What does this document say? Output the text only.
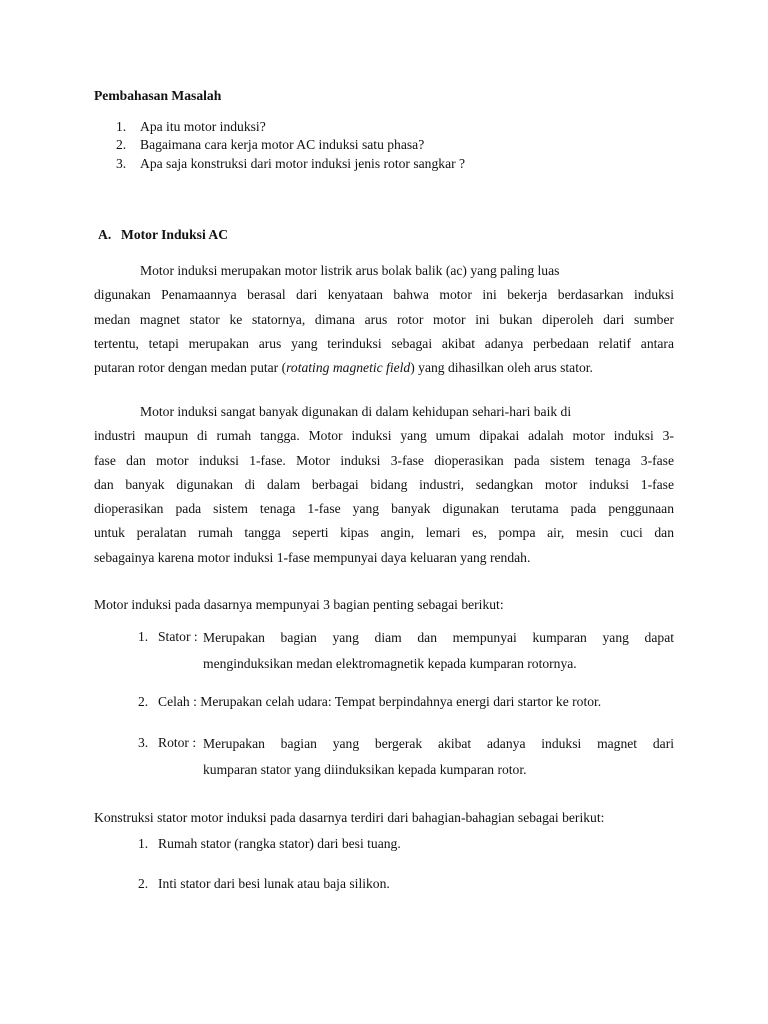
Pembahasan Masalah

1. Apa itu motor induksi?
2. Bagaimana cara kerja motor AC induksi satu phasa?
3. Apa saja konstruksi dari motor induksi jenis rotor sangkar ?
A. Motor Induksi AC
Motor induksi merupakan motor listrik arus bolak balik (ac) yang paling luas
digunakan Penamaannya berasal dari kenyataan bahwa motor ini bekerja berdasarkan induksi
medan magnet stator ke statornya, dimana arus rotor motor ini bukan diperoleh dari sumber
tertentu, tetapi merupakan arus yang terinduksi sebagai akibat adanya perbedaan relatif antara
putaran rotor dengan medan putar (rotating magnetic field) yang dihasilkan oleh arus stator.
Motor induksi sangat banyak digunakan di dalam kehidupan sehari-hari baik di
industri maupun di rumah tangga. Motor induksi yang umum dipakai adalah motor induksi 3-
fase dan motor induksi 1-fase. Motor induksi 3-fase dioperasikan pada sistem tenaga 3-fase
dan banyak digunakan di dalam berbagai bidang industri, sedangkan motor induksi 1-fase
dioperasikan pada sistem tenaga 1-fase yang banyak digunakan terutama pada penggunaan
untuk peralatan rumah tangga seperti kipas angin, lemari es, pompa air, mesin cuci dan
sebagainya karena motor induksi 1-fase mempunyai daya keluaran yang rendah.

Motor induksi pada dasarnya mempunyai 3 bagian penting sebagai berikut:

1. Stator : Merupakan bagian yang diam dan mempunyai kumparan yang dapat
menginduksikan medan elektromagnetik kepada kumparan rotornya.
2. Celah : Merupakan celah udara: Tempat berpindahnya energi dari startor ke rotor.
3. Rotor : Merupakan bagian yang bergerak akibat adanya induksi magnet dari
kumparan stator yang diinduksikan kepada kumparan rotor.

Konstruksi stator motor induksi pada dasarnya terdiri dari bahagian-bahagian sebagai berikut:

1. Rumah stator (rangka stator) dari besi tuang.
2. Inti stator dari besi lunak atau baja silikon.
